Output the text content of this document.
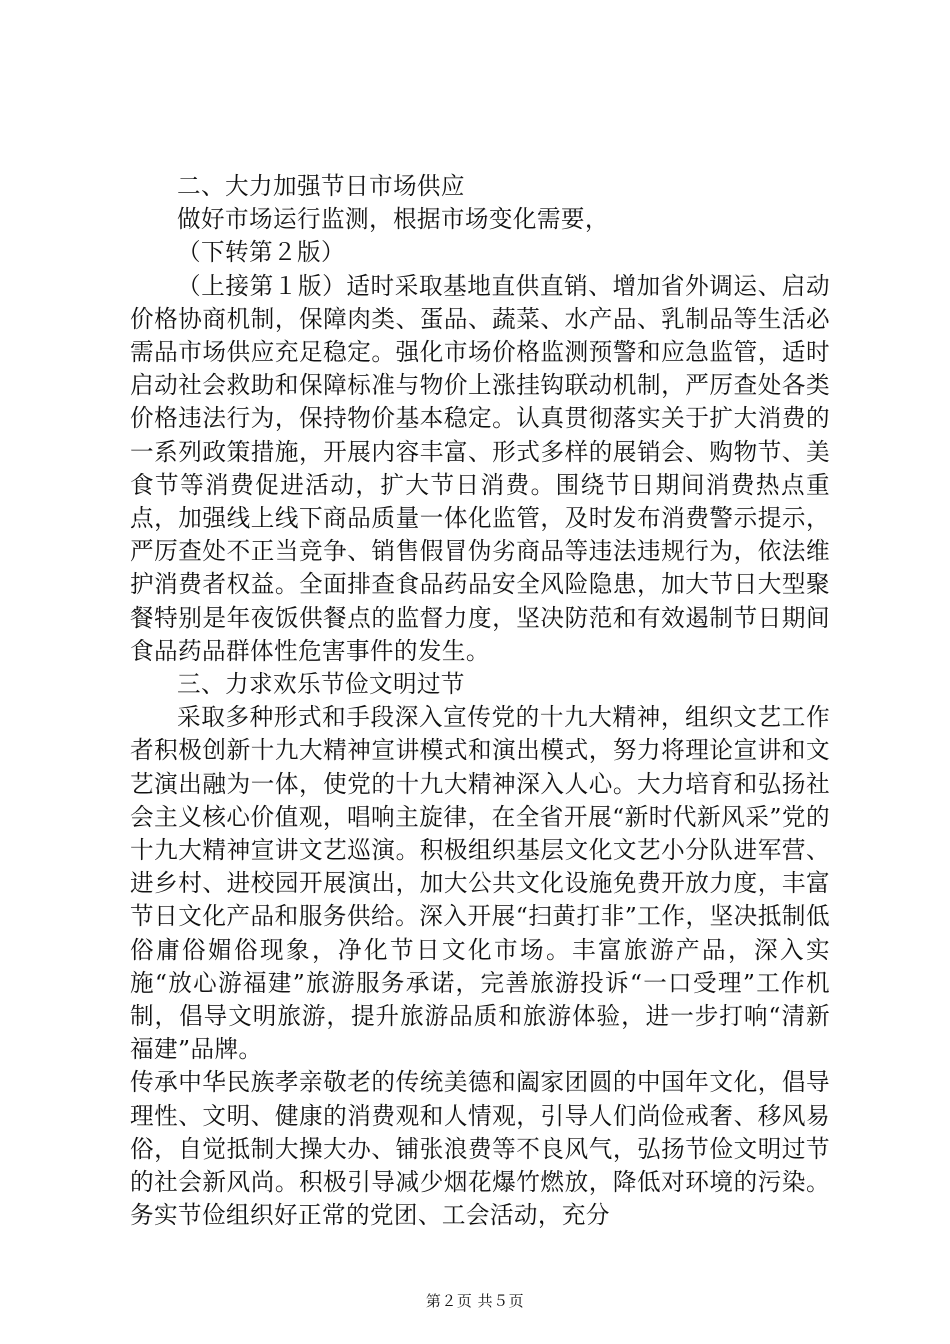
二、大力加强节日市场供应

做好市场运行监测，根据市场变化需要，

（下转第２版）

（上接第１版）适时采取基地直供直销、增加省外调运、启动价格协商机制，保障肉类、蛋品、蔬菜、水产品、乳制品等生活必需品市场供应充足稳定。强化市场价格监测预警和应急监管，适时启动社会救助和保障标准与物价上涨挂钩联动机制，严厉查处各类价格违法行为，保持物价基本稳定。认真贯彻落实关于扩大消费的一系列政策措施，开展内容丰富、形式多样的展销会、购物节、美食节等消费促进活动，扩大节日消费。围绕节日期间消费热点重点，加强线上线下商品质量一体化监管，及时发布消费警示提示，严厉查处不正当竞争、销售假冒伪劣商品等违法违规行为，依法维护消费者权益。全面排查食品药品安全风险隐患，加大节日大型聚餐特别是年夜饭供餐点的监督力度，坚决防范和有效遏制节日期间食品药品群体性危害事件的发生。

三、力求欢乐节俭文明过节

采取多种形式和手段深入宣传党的十九大精神，组织文艺工作者积极创新十九大精神宣讲模式和演出模式，努力将理论宣讲和文艺演出融为一体，使党的十九大精神深入人心。大力培育和弘扬社会主义核心价值观，唱响主旋律，在全省开展“新时代新风采”党的十九大精神宣讲文艺巡演。积极组织基层文化文艺小分队进军营、进乡村、进校园开展演出，加大公共文化设施免费开放力度，丰富节日文化产品和服务供给。深入开展“扫黄打非”工作，坚决抵制低俗庸俗媚俗现象，净化节日文化市场。丰富旅游产品，深入实施“放心游福建”旅游服务承诺，完善旅游投诉“一口受理”工作机制，倡导文明旅游，提升旅游品质和旅游体验，进一步打响“清新福建”品牌。

传承中华民族孝亲敬老的传统美德和阖家团圆的中国年文化，倡导理性、文明、健康的消费观和人情观，引导人们尚俭戒奢、移风易俗，自觉抵制大操大办、铺张浪费等不良风气，弘扬节俭文明过节的社会新风尚。积极引导减少烟花爆竹燃放，降低对环境的污染。务实节俭组织好正常的党团、工会活动，充分

第２页 共５页
